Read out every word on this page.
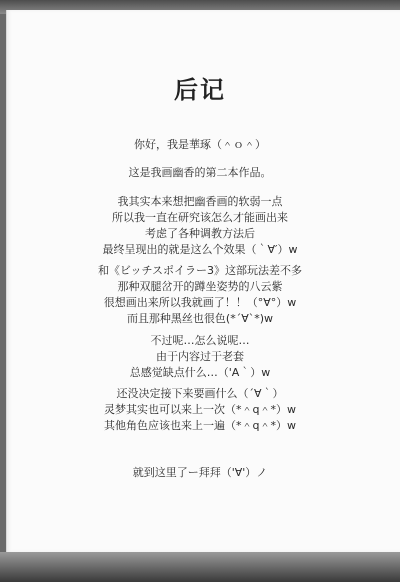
后记
你好，我是華琢（＾ｏ＾）
这是我画幽香的第二本作品。
我其实本来想把幽香画的软弱一点
所以我一直在研究该怎么才能画出来
考虑了各种调教方法后
最终呈现出的就是这么个效果（｀∀′）w
和《ビッチスポイラー3》这部玩法差不多
那种双腿岔开的蹲坐姿势的八云紫
很想画出来所以我就画了！！（°∀°）w
而且那种黑丝也很色(*´∀`*)w
不过呢…怎么说呢…
由于内容过于老套
总感觉缺点什么…（'A｀）w
还没决定接下来要画什么（´∀｀）
灵梦其实也可以来上一次（*＾q＾*）w
其他角色应该也来上一遍（*＾q＾*）w
就到这里了ー拜拜（'∀'）ノ
